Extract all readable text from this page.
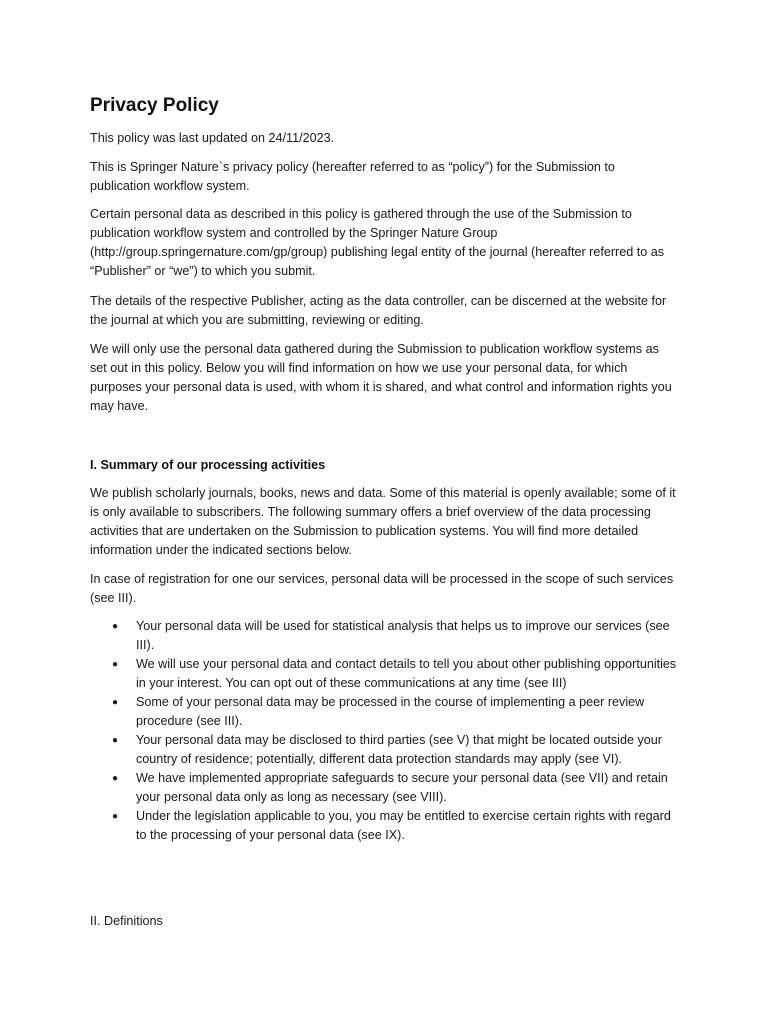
Privacy Policy

This policy was last updated on 24/11/2023.

This is Springer Nature`s privacy policy (hereafter referred to as “policy”) for the Submission to publication workflow system.

Certain personal data as described in this policy is gathered through the use of the Submission to publication workflow system and controlled by the Springer Nature Group (http://group.springernature.com/gp/group) publishing legal entity of the journal (hereafter referred to as “Publisher” or “we”) to which you submit.

The details of the respective Publisher, acting as the data controller, can be discerned at the website for the journal at which you are submitting, reviewing or editing.

We will only use the personal data gathered during the Submission to publication workflow systems as set out in this policy. Below you will find information on how we use your personal data, for which purposes your personal data is used, with whom it is shared, and what control and information rights you may have.

I. Summary of our processing activities

We publish scholarly journals, books, news and data. Some of this material is openly available; some of it is only available to subscribers. The following summary offers a brief overview of the data processing activities that are undertaken on the Submission to publication systems. You will find more detailed information under the indicated sections below.

In case of registration for one our services, personal data will be processed in the scope of such services (see III).

● Your personal data will be used for statistical analysis that helps us to improve our services (see III).
● We will use your personal data and contact details to tell you about other publishing opportunities in your interest. You can opt out of these communications at any time (see III)
● Some of your personal data may be processed in the course of implementing a peer review procedure (see III).
● Your personal data may be disclosed to third parties (see V) that might be located outside your country of residence; potentially, different data protection standards may apply (see VI).
● We have implemented appropriate safeguards to secure your personal data (see VII) and retain your personal data only as long as necessary (see VIII).
● Under the legislation applicable to you, you may be entitled to exercise certain rights with regard to the processing of your personal data (see IX).
II. Definitions
